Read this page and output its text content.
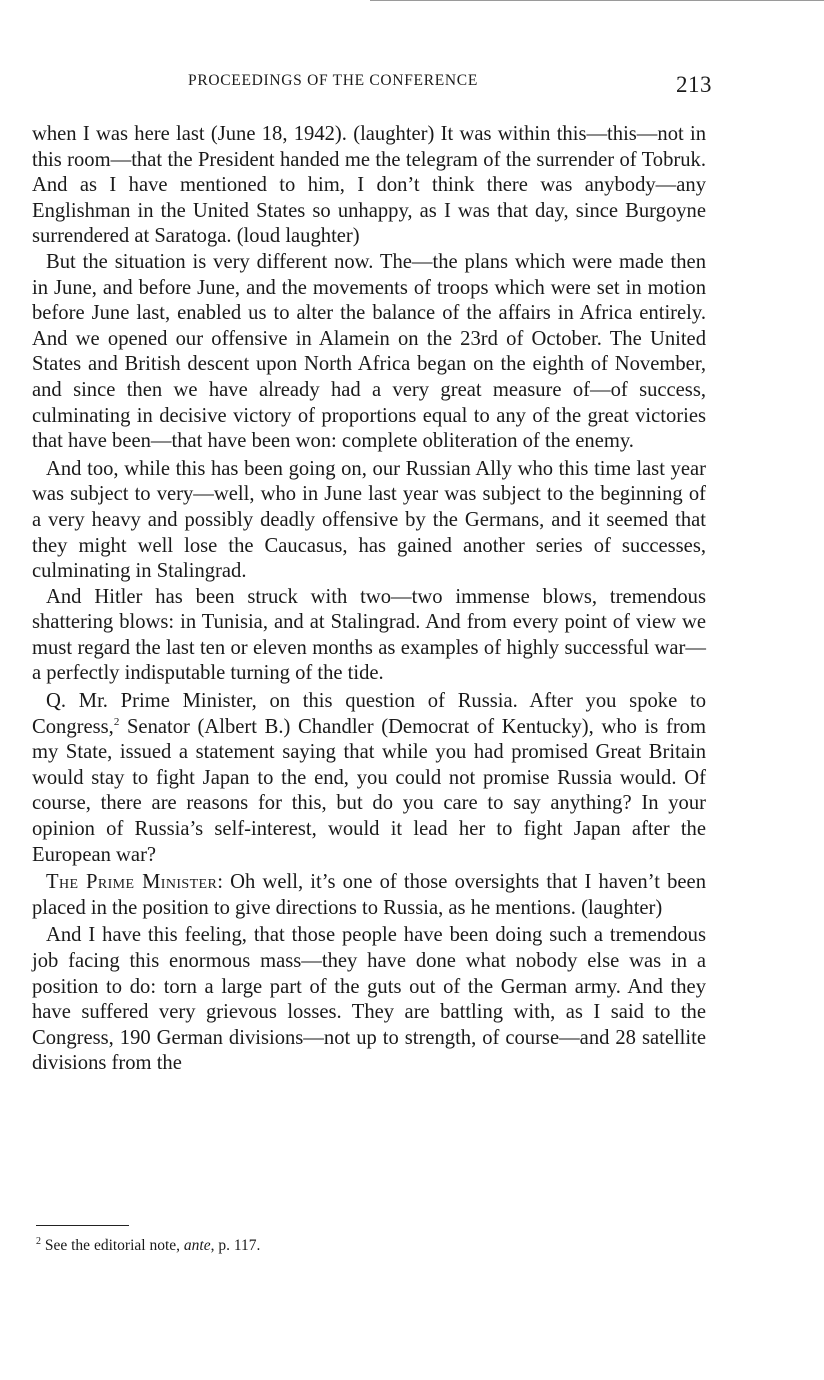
PROCEEDINGS OF THE CONFERENCE	213

when I was here last (June 18, 1942). (laughter) It was within this—this—not in this room—that the President handed me the telegram of the surrender of Tobruk. And as I have mentioned to him, I don’t think there was anybody—any Englishman in the United States so unhappy, as I was that day, since Burgoyne surrendered at Saratoga. (loud laughter)

But the situation is very different now. The—the plans which were made then in June, and before June, and the movements of troops which were set in motion before June last, enabled us to alter the balance of the affairs in Africa entirely. And we opened our offensive in Alamein on the 23rd of October. The United States and British descent upon North Africa began on the eighth of November, and since then we have already had a very great measure of—of success, culminating in decisive victory of proportions equal to any of the great victories that have been—that have been won: complete obliteration of the enemy.

And too, while this has been going on, our Russian Ally who this time last year was subject to very—well, who in June last year was subject to the beginning of a very heavy and possibly deadly offensive by the Germans, and it seemed that they might well lose the Caucasus, has gained another series of successes, culminating in Stalingrad.

And Hitler has been struck with two—two immense blows, tremendous shattering blows: in Tunisia, and at Stalingrad. And from every point of view we must regard the last ten or eleven months as examples of highly successful war—a perfectly indisputable turning of the tide.

Q. Mr. Prime Minister, on this question of Russia. After you spoke to Congress,$^2$ Senator (Albert B.) Chandler (Democrat of Kentucky), who is from my State, issued a statement saying that while you had promised Great Britain would stay to fight Japan to the end, you could not promise Russia would. Of course, there are reasons for this, but do you care to say anything? In your opinion of Russia’s self-interest, would it lead her to fight Japan after the European war?

The Prime Minister: Oh well, it’s one of those oversights that I haven’t been placed in the position to give directions to Russia, as he mentions. (laughter)

And I have this feeling, that those people have been doing such a tremendous job facing this enormous mass—they have done what nobody else was in a position to do: torn a large part of the guts out of the German army. And they have suffered very grievous losses. They are battling with, as I said to the Congress, 190 German divisions—not up to strength, of course—and 28 satellite divisions from the

$^2$ See the editorial note, ante, p. 117.
